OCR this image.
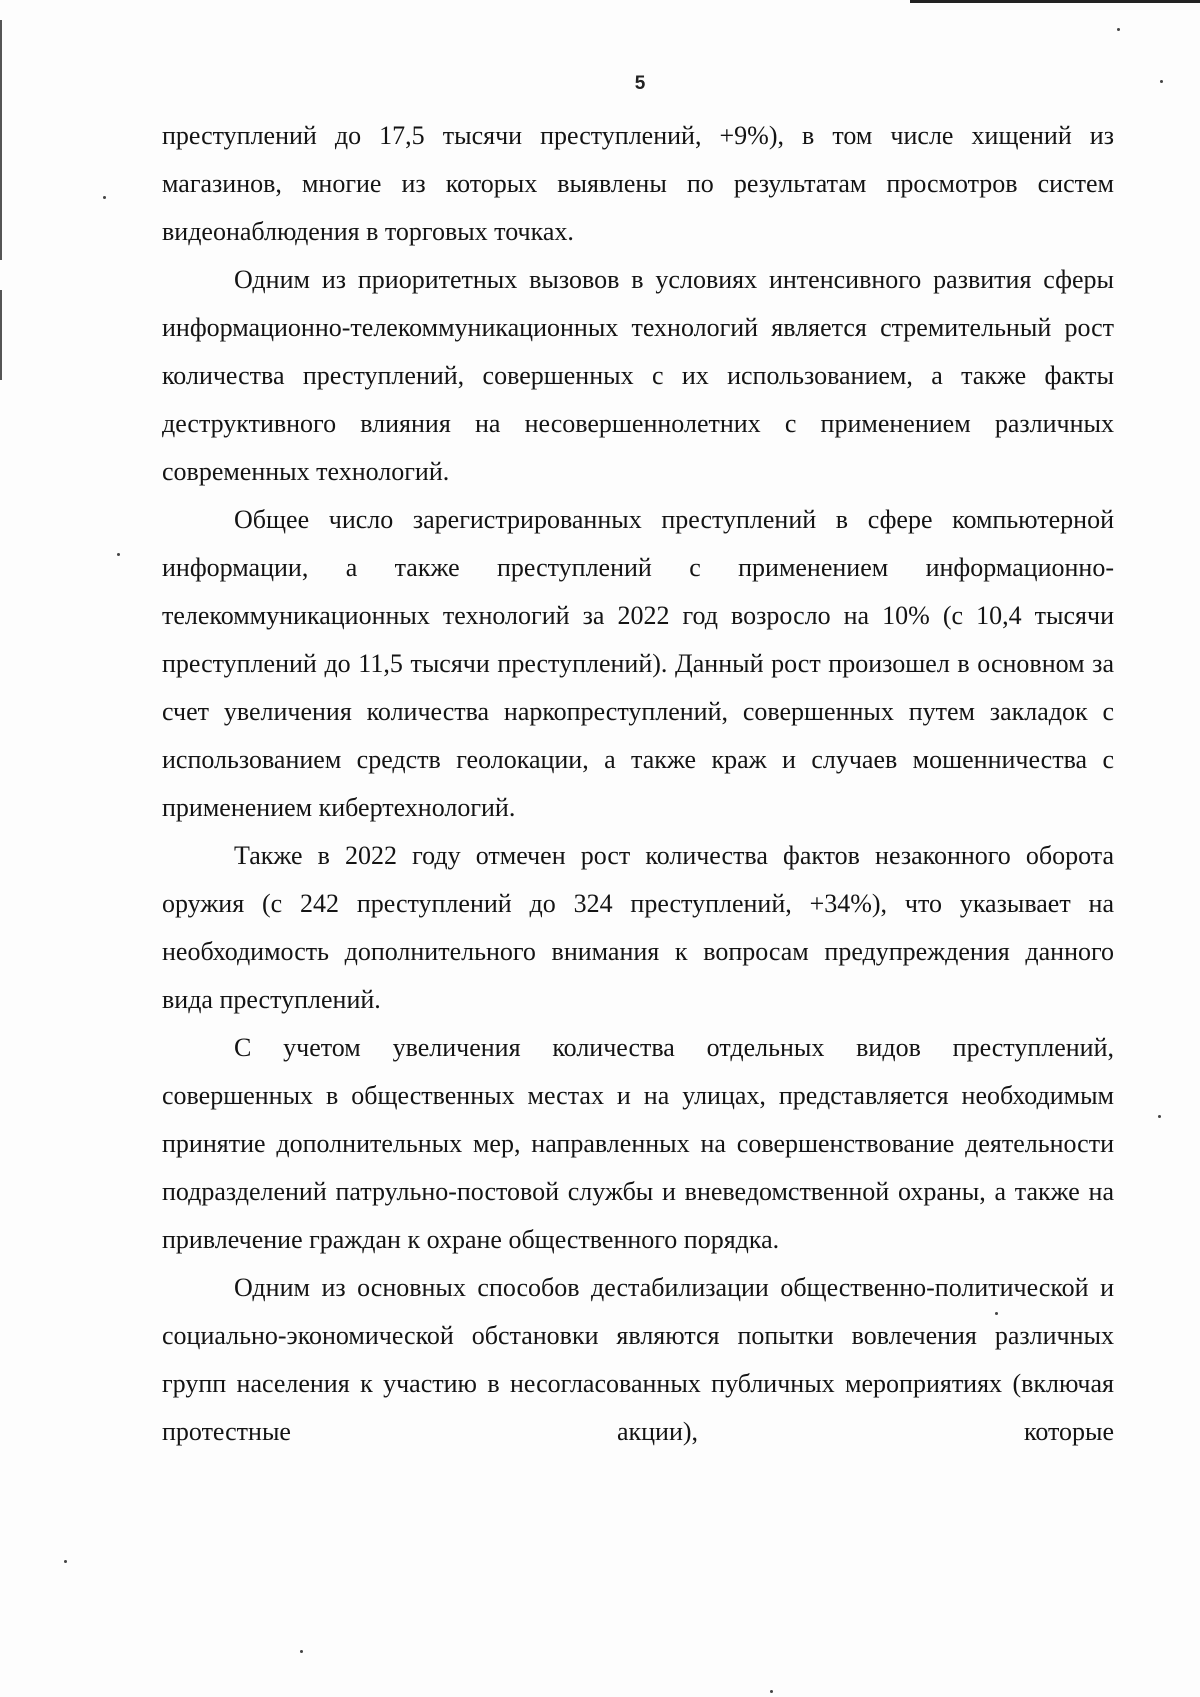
5

преступлений до 17,5 тысячи преступлений, +9%), в том числе хищений из магазинов, многие из которых выявлены по результатам просмотров систем видеонаблюдения в торговых точках.

Одним из приоритетных вызовов в условиях интенсивного развития сферы информационно-телекоммуникационных технологий является стремительный рост количества преступлений, совершенных с их использованием, а также факты деструктивного влияния на несовершеннолетних с применением различных современных технологий.

Общее число зарегистрированных преступлений в сфере компьютерной информации, а также преступлений с применением информационно-телекоммуникационных технологий за 2022 год возросло на 10% (с 10,4 тысячи преступлений до 11,5 тысячи преступлений). Данный рост произошел в основном за счет увеличения количества наркопреступлений, совершенных путем закладок с использованием средств геолокации, а также краж и случаев мошенничества с применением кибертехнологий.

Также в 2022 году отмечен рост количества фактов незаконного оборота оружия (с 242 преступлений до 324 преступлений, +34%), что указывает на необходимость дополнительного внимания к вопросам предупреждения данного вида преступлений.

С учетом увеличения количества отдельных видов преступлений, совершенных в общественных местах и на улицах, представляется необходимым принятие дополнительных мер, направленных на совершенствование деятельности подразделений патрульно-постовой службы и вневедомственной охраны, а также на привлечение граждан к охране общественного порядка.

Одним из основных способов дестабилизации общественно-политической и социально-экономической обстановки являются попытки вовлечения различных групп населения к участию в несогласованных публичных мероприятиях (включая протестные акции), которые
